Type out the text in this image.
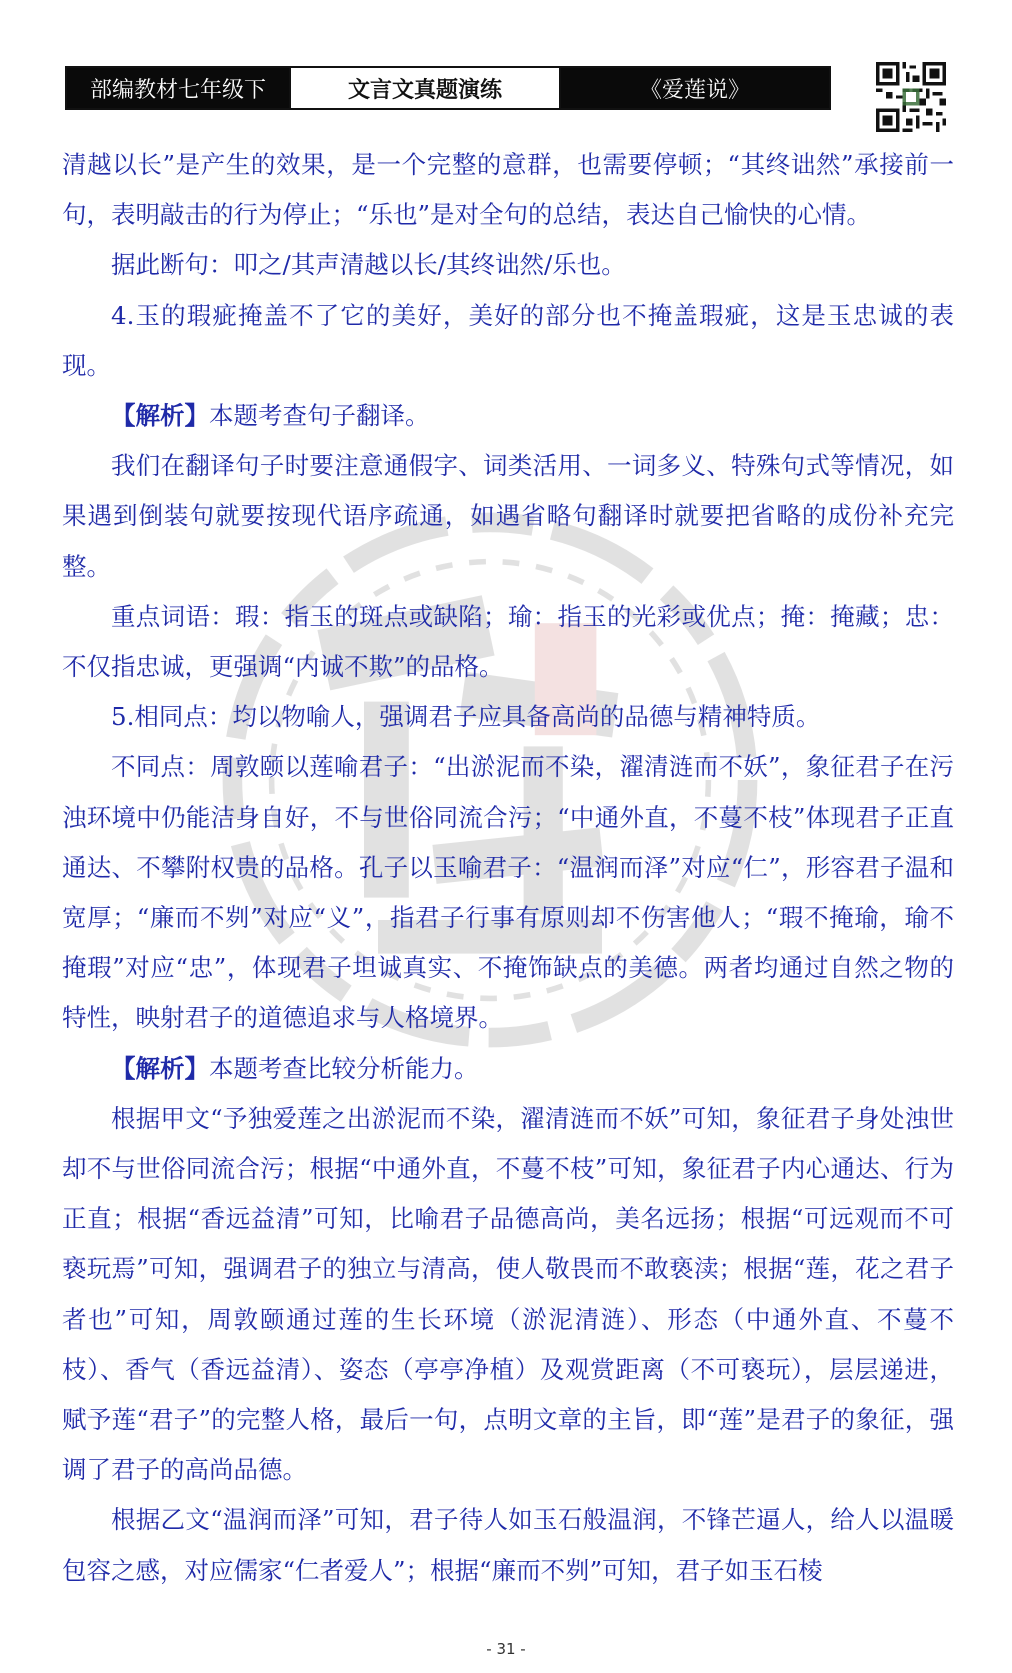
部编教材七年级下	文言文真题演练	《爱莲说》

清越以长”是产生的效果，是一个完整的意群，也需要停顿；“其终诎然”承接前一句，表明敲击的行为停止；“乐也”是对全句的总结，表达自己愉快的心情。

据此断句：叩之/其声清越以长/其终诎然/乐也。

4.玉的瑕疵掩盖不了它的美好，美好的部分也不掩盖瑕疵，这是玉忠诚的表现。

【解析】本题考查句子翻译。

我们在翻译句子时要注意通假字、词类活用、一词多义、特殊句式等情况，如果遇到倒装句就要按现代语序疏通，如遇省略句翻译时就要把省略的成份补充完整。

重点词语：瑕：指玉的斑点或缺陷；瑜：指玉的光彩或优点；掩：掩藏；忠：不仅指忠诚，更强调“内诚不欺”的品格。

5.相同点：均以物喻人，强调君子应具备高尚的品德与精神特质。

不同点：周敦颐以莲喻君子：“出淤泥而不染，濯清涟而不妖”，象征君子在污浊环境中仍能洁身自好，不与世俗同流合污；“中通外直，不蔓不枝”体现君子正直通达、不攀附权贵的品格。孔子以玉喻君子：“温润而泽”对应“仁”，形容君子温和宽厚；“廉而不刿”对应“义”，指君子行事有原则却不伤害他人；“瑕不掩瑜，瑜不掩瑕”对应“忠”，体现君子坦诚真实、不掩饰缺点的美德。两者均通过自然之物的特性，映射君子的道德追求与人格境界。

【解析】本题考查比较分析能力。

根据甲文“予独爱莲之出淤泥而不染，濯清涟而不妖”可知，象征君子身处浊世却不与世俗同流合污；根据“中通外直，不蔓不枝”可知，象征君子内心通达、行为正直；根据“香远益清”可知，比喻君子品德高尚，美名远扬；根据“可远观而不可亵玩焉”可知，强调君子的独立与清高，使人敬畏而不敢亵渎；根据“莲，花之君子者也”可知，周敦颐通过莲的生长环境（淤泥清涟）、形态（中通外直、不蔓不枝）、香气（香远益清）、姿态（亭亭净植）及观赏距离（不可亵玩），层层递进，赋予莲“君子”的完整人格，最后一句，点明文章的主旨，即“莲”是君子的象征，强调了君子的高尚品德。

根据乙文“温润而泽”可知，君子待人如玉石般温润，不锋芒逼人，给人以温暖包容之感，对应儒家“仁者爱人”；根据“廉而不刿”可知，君子如玉石棱

- 31 -
